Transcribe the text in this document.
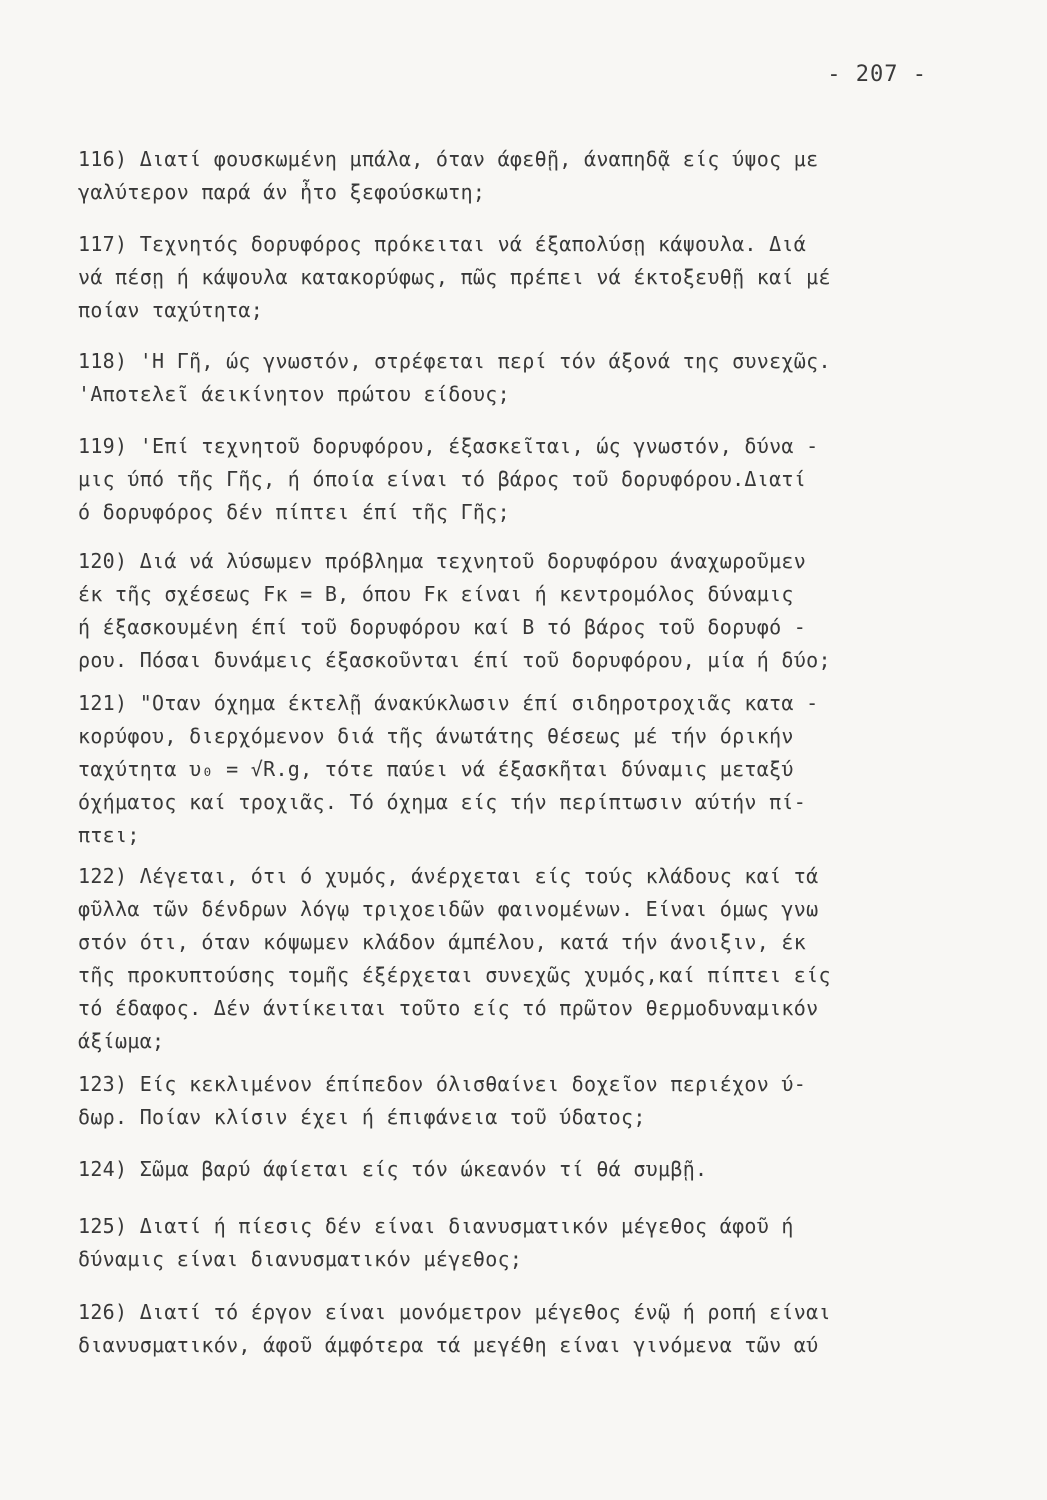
- 207 -
116) Διατί φουσκωμένη μπάλα, όταν άφεθῇ, άναπηδᾷ είς ύψος με
γαλύτερον παρά άν ἦτο ξεφούσκωτη;
117) Τεχνητός δορυφόρος πρόκειται νά έξαπολύσῃ κάψουλα. Διά
νά πέσῃ ή κάψουλα κατακορύφως, πῶς πρέπει νά έκτοξευθῇ καί μέ
ποίαν ταχύτητα;
118) 'Η Γῆ, ώς γνωστόν, στρέφεται περί τόν άξονά της συνεχῶς.
'Αποτελεῖ άεικίνητον πρώτου είδους;
119) 'Επί τεχνητοῦ δορυφόρου, έξασκεῖται, ώς γνωστόν, δύνα -
μις ύπό τῆς Γῆς, ή όποία είναι τό βάρος τοῦ δορυφόρου.Διατί
ό δορυφόρος δέν πίπτει έπί τῆς Γῆς;
120) Διά νά λύσωμεν πρόβλημα τεχνητοῦ δορυφόρου άναχωροῦμεν
έκ τῆς σχέσεως Fκ = Β, όπου Fκ είναι ή κεντρομόλος δύναμις
ή έξασκουμένη έπί τοῦ δορυφόρου καί Β τό βάρος τοῦ δορυφό -
ρου. Πόσαι δυνάμεις έξασκοῦνται έπί τοῦ δορυφόρου, μία ή δύο;
121) "Οταν όχημα έκτελῇ άνακύκλωσιν έπί σιδηροτροχιᾶς κατα -
κορύφου, διερχόμενον διά τῆς άνωτάτης θέσεως μέ τήν όρικήν
ταχύτητα υ₀ = √R.g, τότε παύει νά έξασκῆται δύναμις μεταξύ
όχήματος καί τροχιᾶς. Τό όχημα είς τήν περίπτωσιν αύτήν πί-
πτει;
122) Λέγεται, ότι ό χυμός, άνέρχεται είς τούς κλάδους καί τά
φῦλλα τῶν δένδρων λόγῳ τριχοειδῶν φαινομένων. Είναι όμως γνω
στόν ότι, όταν κόψωμεν κλάδον άμπέλου, κατά τήν άνοιξιν, έκ
τῆς προκυπτούσης τομῆς έξέρχεται συνεχῶς χυμός,καί πίπτει είς
τό έδαφος. Δέν άντίκειται τοῦτο είς τό πρῶτον θερμοδυναμικόν
άξίωμα;
123) Είς κεκλιμένον έπίπεδον όλισθαίνει δοχεῖον περιέχον ύ-
δωρ. Ποίαν κλίσιν έχει ή έπιφάνεια τοῦ ύδατος;
124) Σῶμα βαρύ άφίεται είς τόν ώκεανόν τί θά συμβῇ.
125) Διατί ή πίεσις δέν είναι διανυσματικόν μέγεθος άφοῦ ή
δύναμις είναι διανυσματικόν μέγεθος;
126) Διατί τό έργον είναι μονόμετρον μέγεθος ένῷ ή ροπή είναι
διανυσματικόν, άφοῦ άμφότερα τά μεγέθη είναι γινόμενα τῶν αύ
